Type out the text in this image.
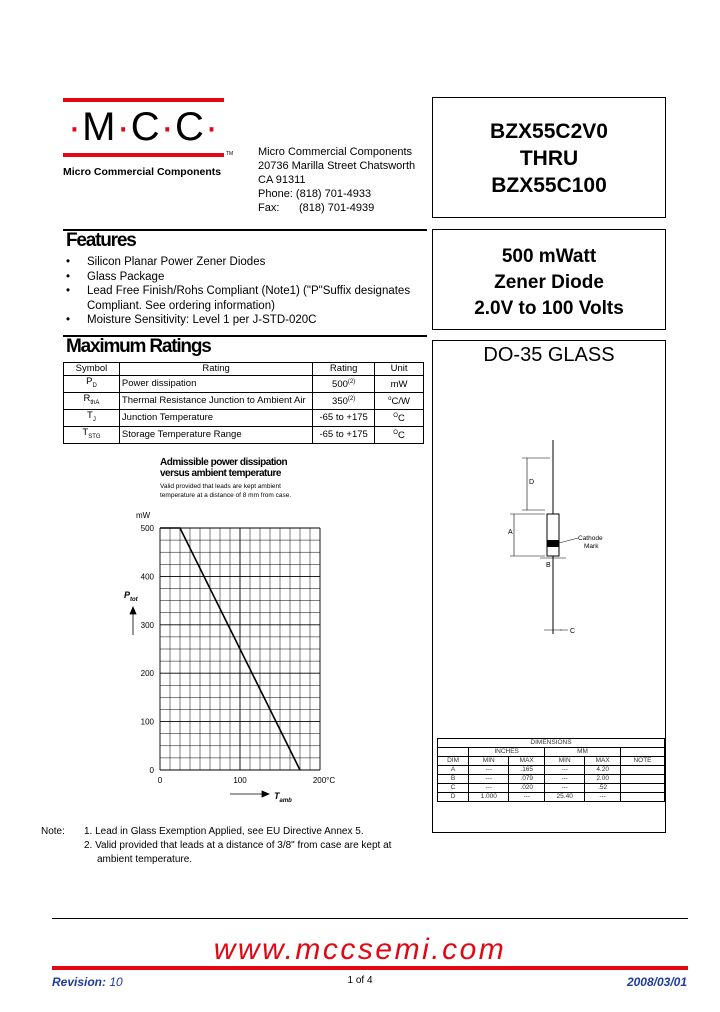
·M·C·C·
TM
Micro Commercial Components
Micro Commercial Components
20736 Marilla Street Chatsworth
CA 91311
Phone: (818) 701-4933
Fax: (818) 701-4939
BZX55C2V0
THRU
BZX55C100
500 mWatt
Zener Diode
2.0V to 100 Volts
DO-35 GLASS
D
A
B
Cathode
Mark
C
DIMENSIONS					
	INCHES		MM		
DIM	MIN	MAX	MIN	MAX	NOTE
A	---	.165	---	4.20	
B	---	.079	---	2.00	
C	---	.020	---	.52	
D	1.000	---	25.40	---	
Features
• Silicon Planar Power Zener Diodes
• Glass Package
• Lead Free Finish/Rohs Compliant (Note1) ("P"Suffix designates Compliant. See ordering information)
• Moisture Sensitivity: Level 1 per J-STD-020C
Maximum Ratings
Symbol	Rating	Rating	Unit
$P_D$	Power dissipation	500$^{(2)}$	mW
$R_{thA}$	Thermal Resistance Junction to Ambient Air	350$^{(2)}$	$^o$C/W
$T_J$	Junction Temperature	-65 to +175	$^O$C
$T_{STG}$	Storage Temperature Range	-65 to +175	$^O$C
Admissible power dissipation
versus ambient temperature
Valid provided that leads are kept ambient
temperature at a distance of 8 mm from case.
0
100
200
300
400
500
0	100	200°C
mW
$P_{tot}$
$T_{amb}$
Note: 1. Lead in Glass Exemption Applied, see EU Directive Annex 5.
2. Valid provided that leads at a distance of 3/8" from case are kept at
ambient temperature.
www.mccsemi.com
Revision: 10	1 of 4	2008/03/01
